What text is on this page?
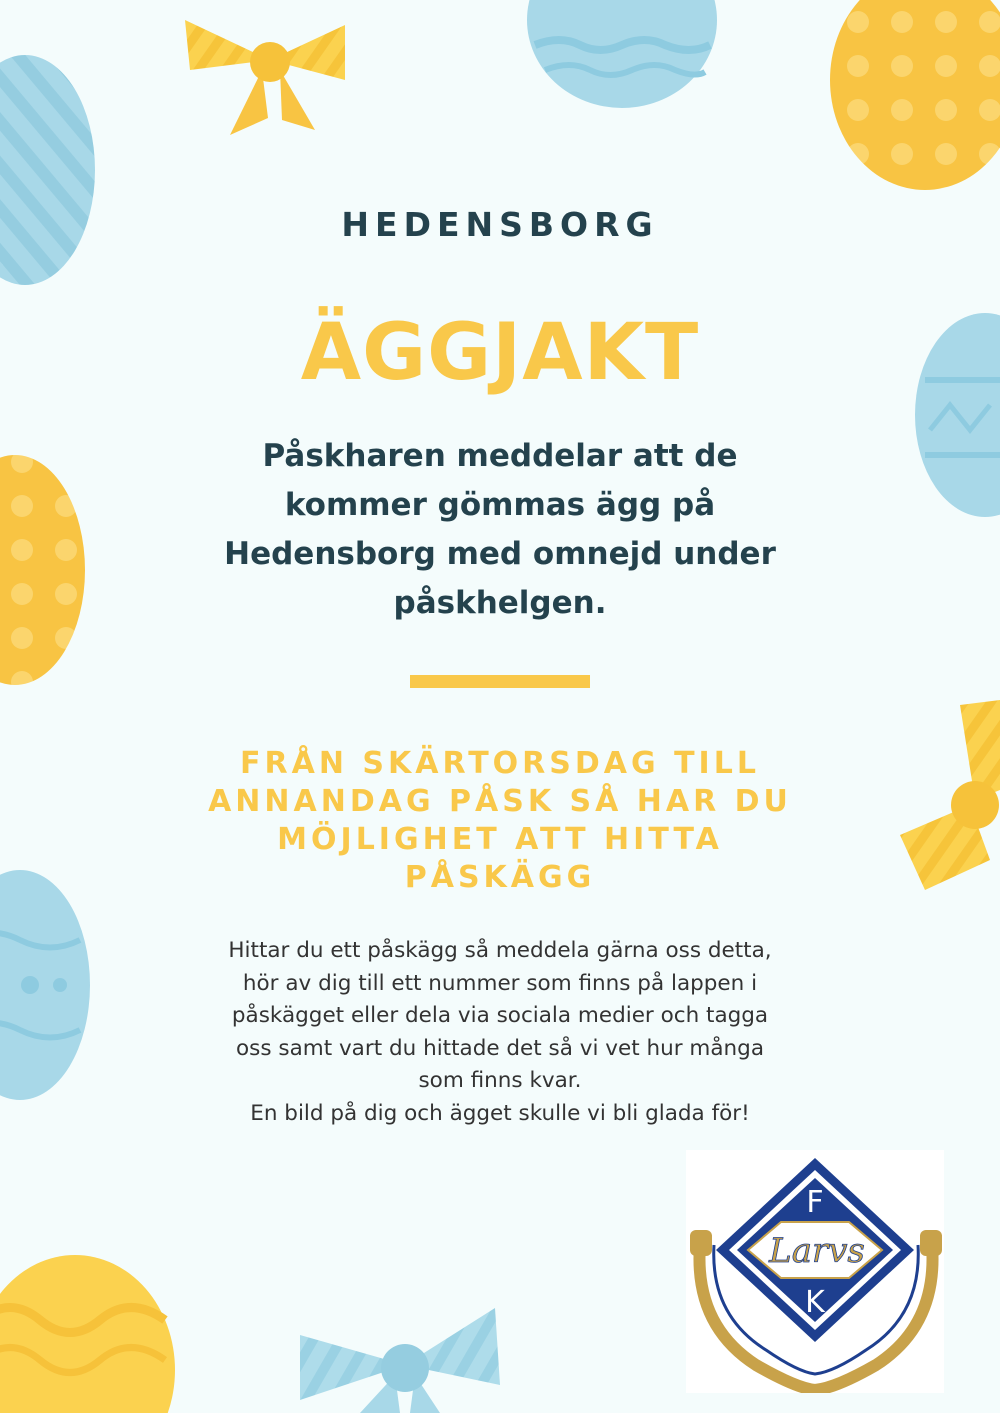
HEDENSBORG
ÄGGJAKT
Påskharen meddelar att de kommer gömmas ägg på Hedensborg med omnejd under påskhelgen.
FRÅN SKÄRTORSDAG TILL ANNANDAG PÅSK SÅ HAR DU MÖJLIGHET ATT HITTA PÅSKÄGG
Hittar du ett påskägg så meddela gärna oss detta, hör av dig till ett nummer som finns på lappen i påskägget eller dela via sociala medier och tagga oss samt vart du hittade det så vi vet hur många som finns kvar.
En bild på dig och ägget skulle vi bli glada för!
F
Larvs
K
